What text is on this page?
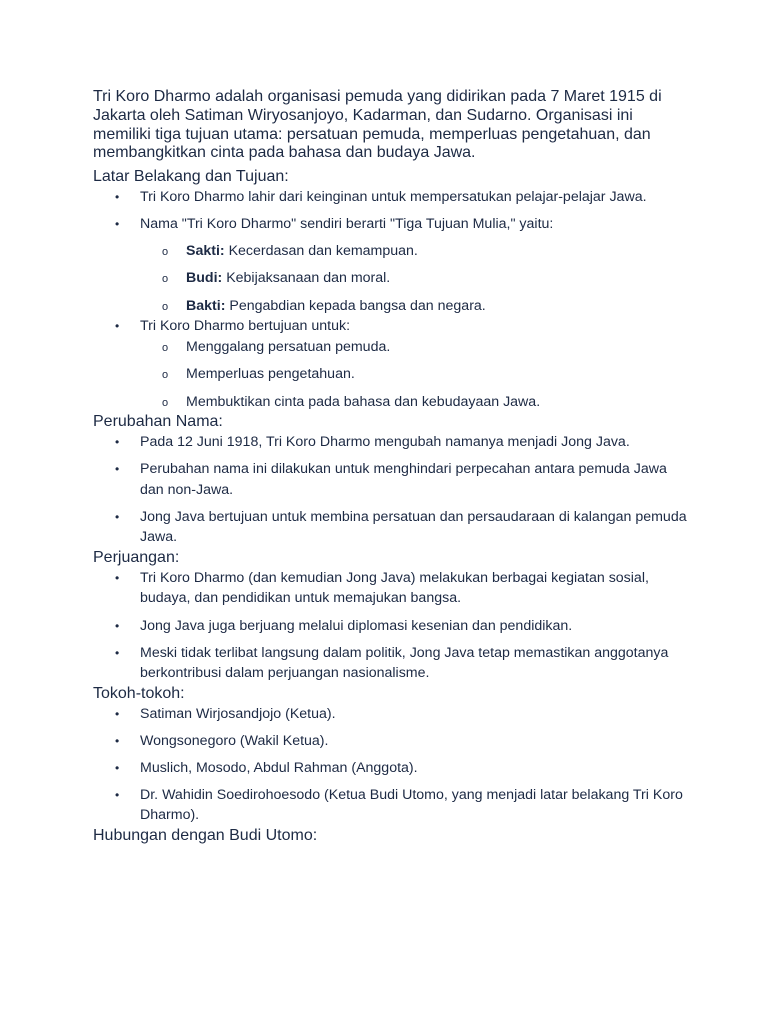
Tri Koro Dharmo adalah organisasi pemuda yang didirikan pada 7 Maret 1915 di Jakarta oleh Satiman Wiryosanjoyo, Kadarman, dan Sudarno. Organisasi ini memiliki tiga tujuan utama: persatuan pemuda, memperluas pengetahuan, dan membangkitkan cinta pada bahasa dan budaya Jawa.

Latar Belakang dan Tujuan:
• Tri Koro Dharmo lahir dari keinginan untuk mempersatukan pelajar-pelajar Jawa.
• Nama "Tri Koro Dharmo" sendiri berarti "Tiga Tujuan Mulia," yaitu:
o Sakti: Kecerdasan dan kemampuan.
o Budi: Kebijaksanaan dan moral.
o Bakti: Pengabdian kepada bangsa dan negara.
• Tri Koro Dharmo bertujuan untuk:
o Menggalang persatuan pemuda.
o Memperluas pengetahuan.
o Membuktikan cinta pada bahasa dan kebudayaan Jawa.
Perubahan Nama:
• Pada 12 Juni 1918, Tri Koro Dharmo mengubah namanya menjadi Jong Java.
• Perubahan nama ini dilakukan untuk menghindari perpecahan antara pemuda Jawa dan non-Jawa.
• Jong Java bertujuan untuk membina persatuan dan persaudaraan di kalangan pemuda Jawa.
Perjuangan:
• Tri Koro Dharmo (dan kemudian Jong Java) melakukan berbagai kegiatan sosial, budaya, dan pendidikan untuk memajukan bangsa.
• Jong Java juga berjuang melalui diplomasi kesenian dan pendidikan.
• Meski tidak terlibat langsung dalam politik, Jong Java tetap memastikan anggotanya berkontribusi dalam perjuangan nasionalisme.
Tokoh-tokoh:
• Satiman Wirjosandjojo (Ketua).
• Wongsonegoro (Wakil Ketua).
• Muslich, Mosodo, Abdul Rahman (Anggota).
• Dr. Wahidin Soedirohoesodo (Ketua Budi Utomo, yang menjadi latar belakang Tri Koro Dharmo).
Hubungan dengan Budi Utomo:
